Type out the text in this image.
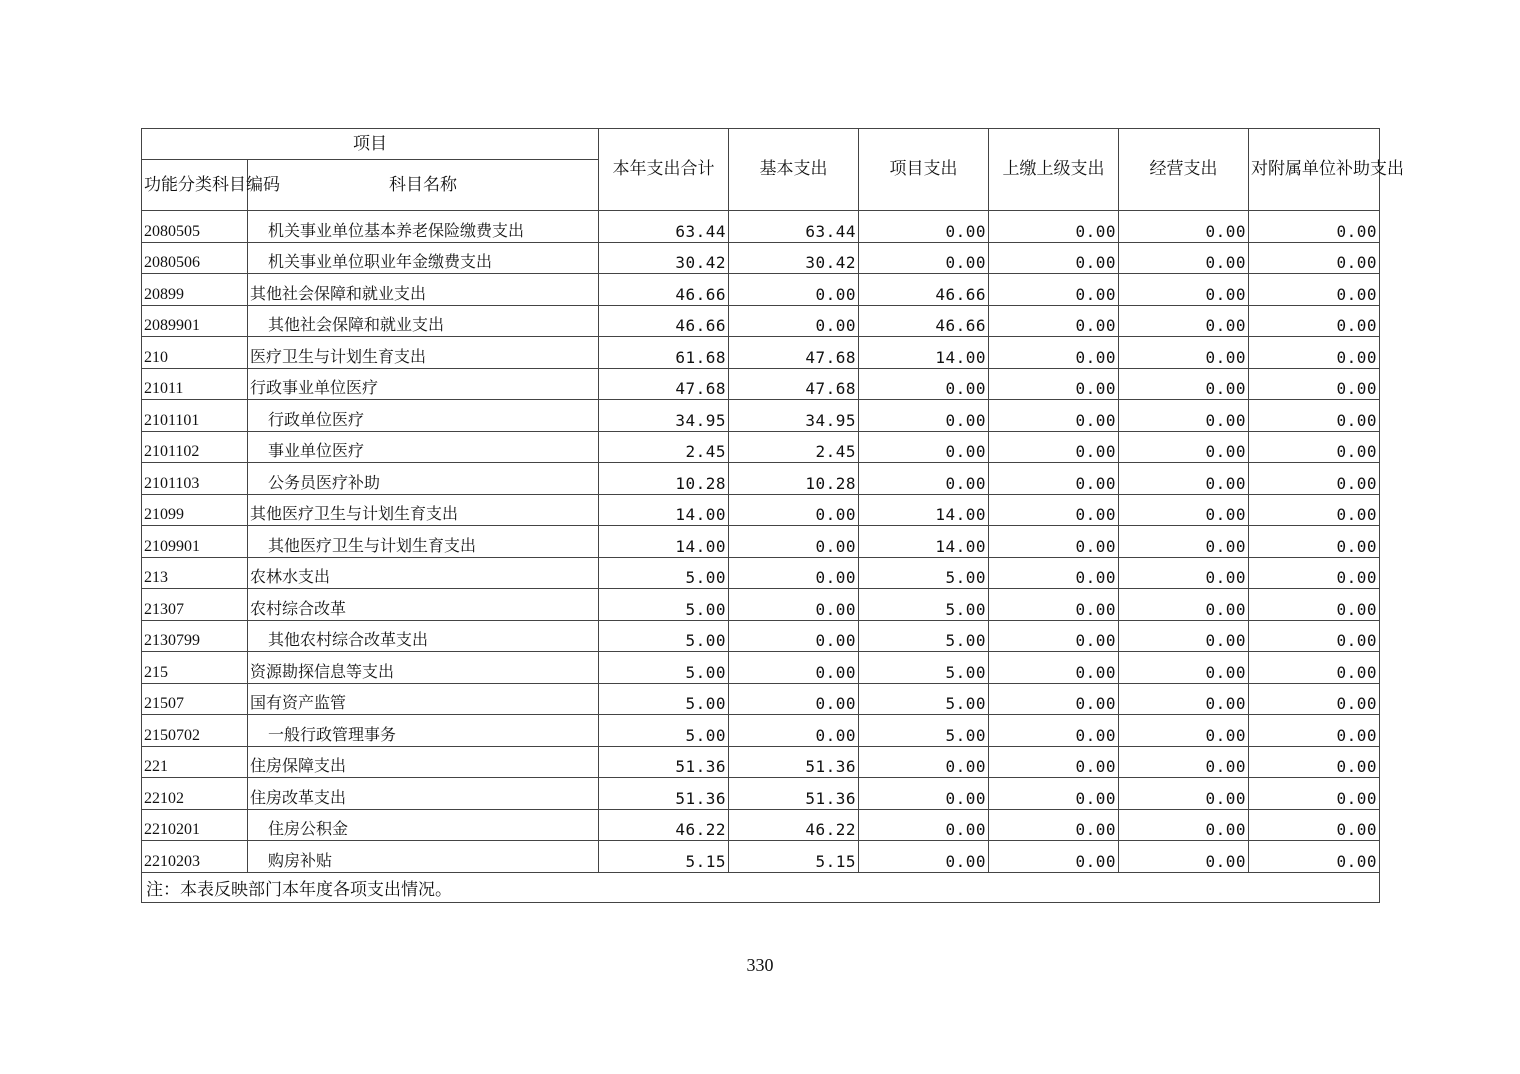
项目		本年支出合计	基本支出	项目支出	上缴上级支出	经营支出	对附属单位补助支出
功能分类科目编码	科目名称						
2080505	机关事业单位基本养老保险缴费支出	63.44	63.44	0.00	0.00	0.00	0.00
2080506	机关事业单位职业年金缴费支出	30.42	30.42	0.00	0.00	0.00	0.00
20899	其他社会保障和就业支出	46.66	0.00	46.66	0.00	0.00	0.00
2089901	其他社会保障和就业支出	46.66	0.00	46.66	0.00	0.00	0.00
210	医疗卫生与计划生育支出	61.68	47.68	14.00	0.00	0.00	0.00
21011	行政事业单位医疗	47.68	47.68	0.00	0.00	0.00	0.00
2101101	行政单位医疗	34.95	34.95	0.00	0.00	0.00	0.00
2101102	事业单位医疗	2.45	2.45	0.00	0.00	0.00	0.00
2101103	公务员医疗补助	10.28	10.28	0.00	0.00	0.00	0.00
21099	其他医疗卫生与计划生育支出	14.00	0.00	14.00	0.00	0.00	0.00
2109901	其他医疗卫生与计划生育支出	14.00	0.00	14.00	0.00	0.00	0.00
213	农林水支出	5.00	0.00	5.00	0.00	0.00	0.00
21307	农村综合改革	5.00	0.00	5.00	0.00	0.00	0.00
2130799	其他农村综合改革支出	5.00	0.00	5.00	0.00	0.00	0.00
215	资源勘探信息等支出	5.00	0.00	5.00	0.00	0.00	0.00
21507	国有资产监管	5.00	0.00	5.00	0.00	0.00	0.00
2150702	一般行政管理事务	5.00	0.00	5.00	0.00	0.00	0.00
221	住房保障支出	51.36	51.36	0.00	0.00	0.00	0.00
22102	住房改革支出	51.36	51.36	0.00	0.00	0.00	0.00
2210201	住房公积金	46.22	46.22	0.00	0.00	0.00	0.00
2210203	购房补贴	5.15	5.15	0.00	0.00	0.00	0.00
注：本表反映部门本年度各项支出情况。							
330
